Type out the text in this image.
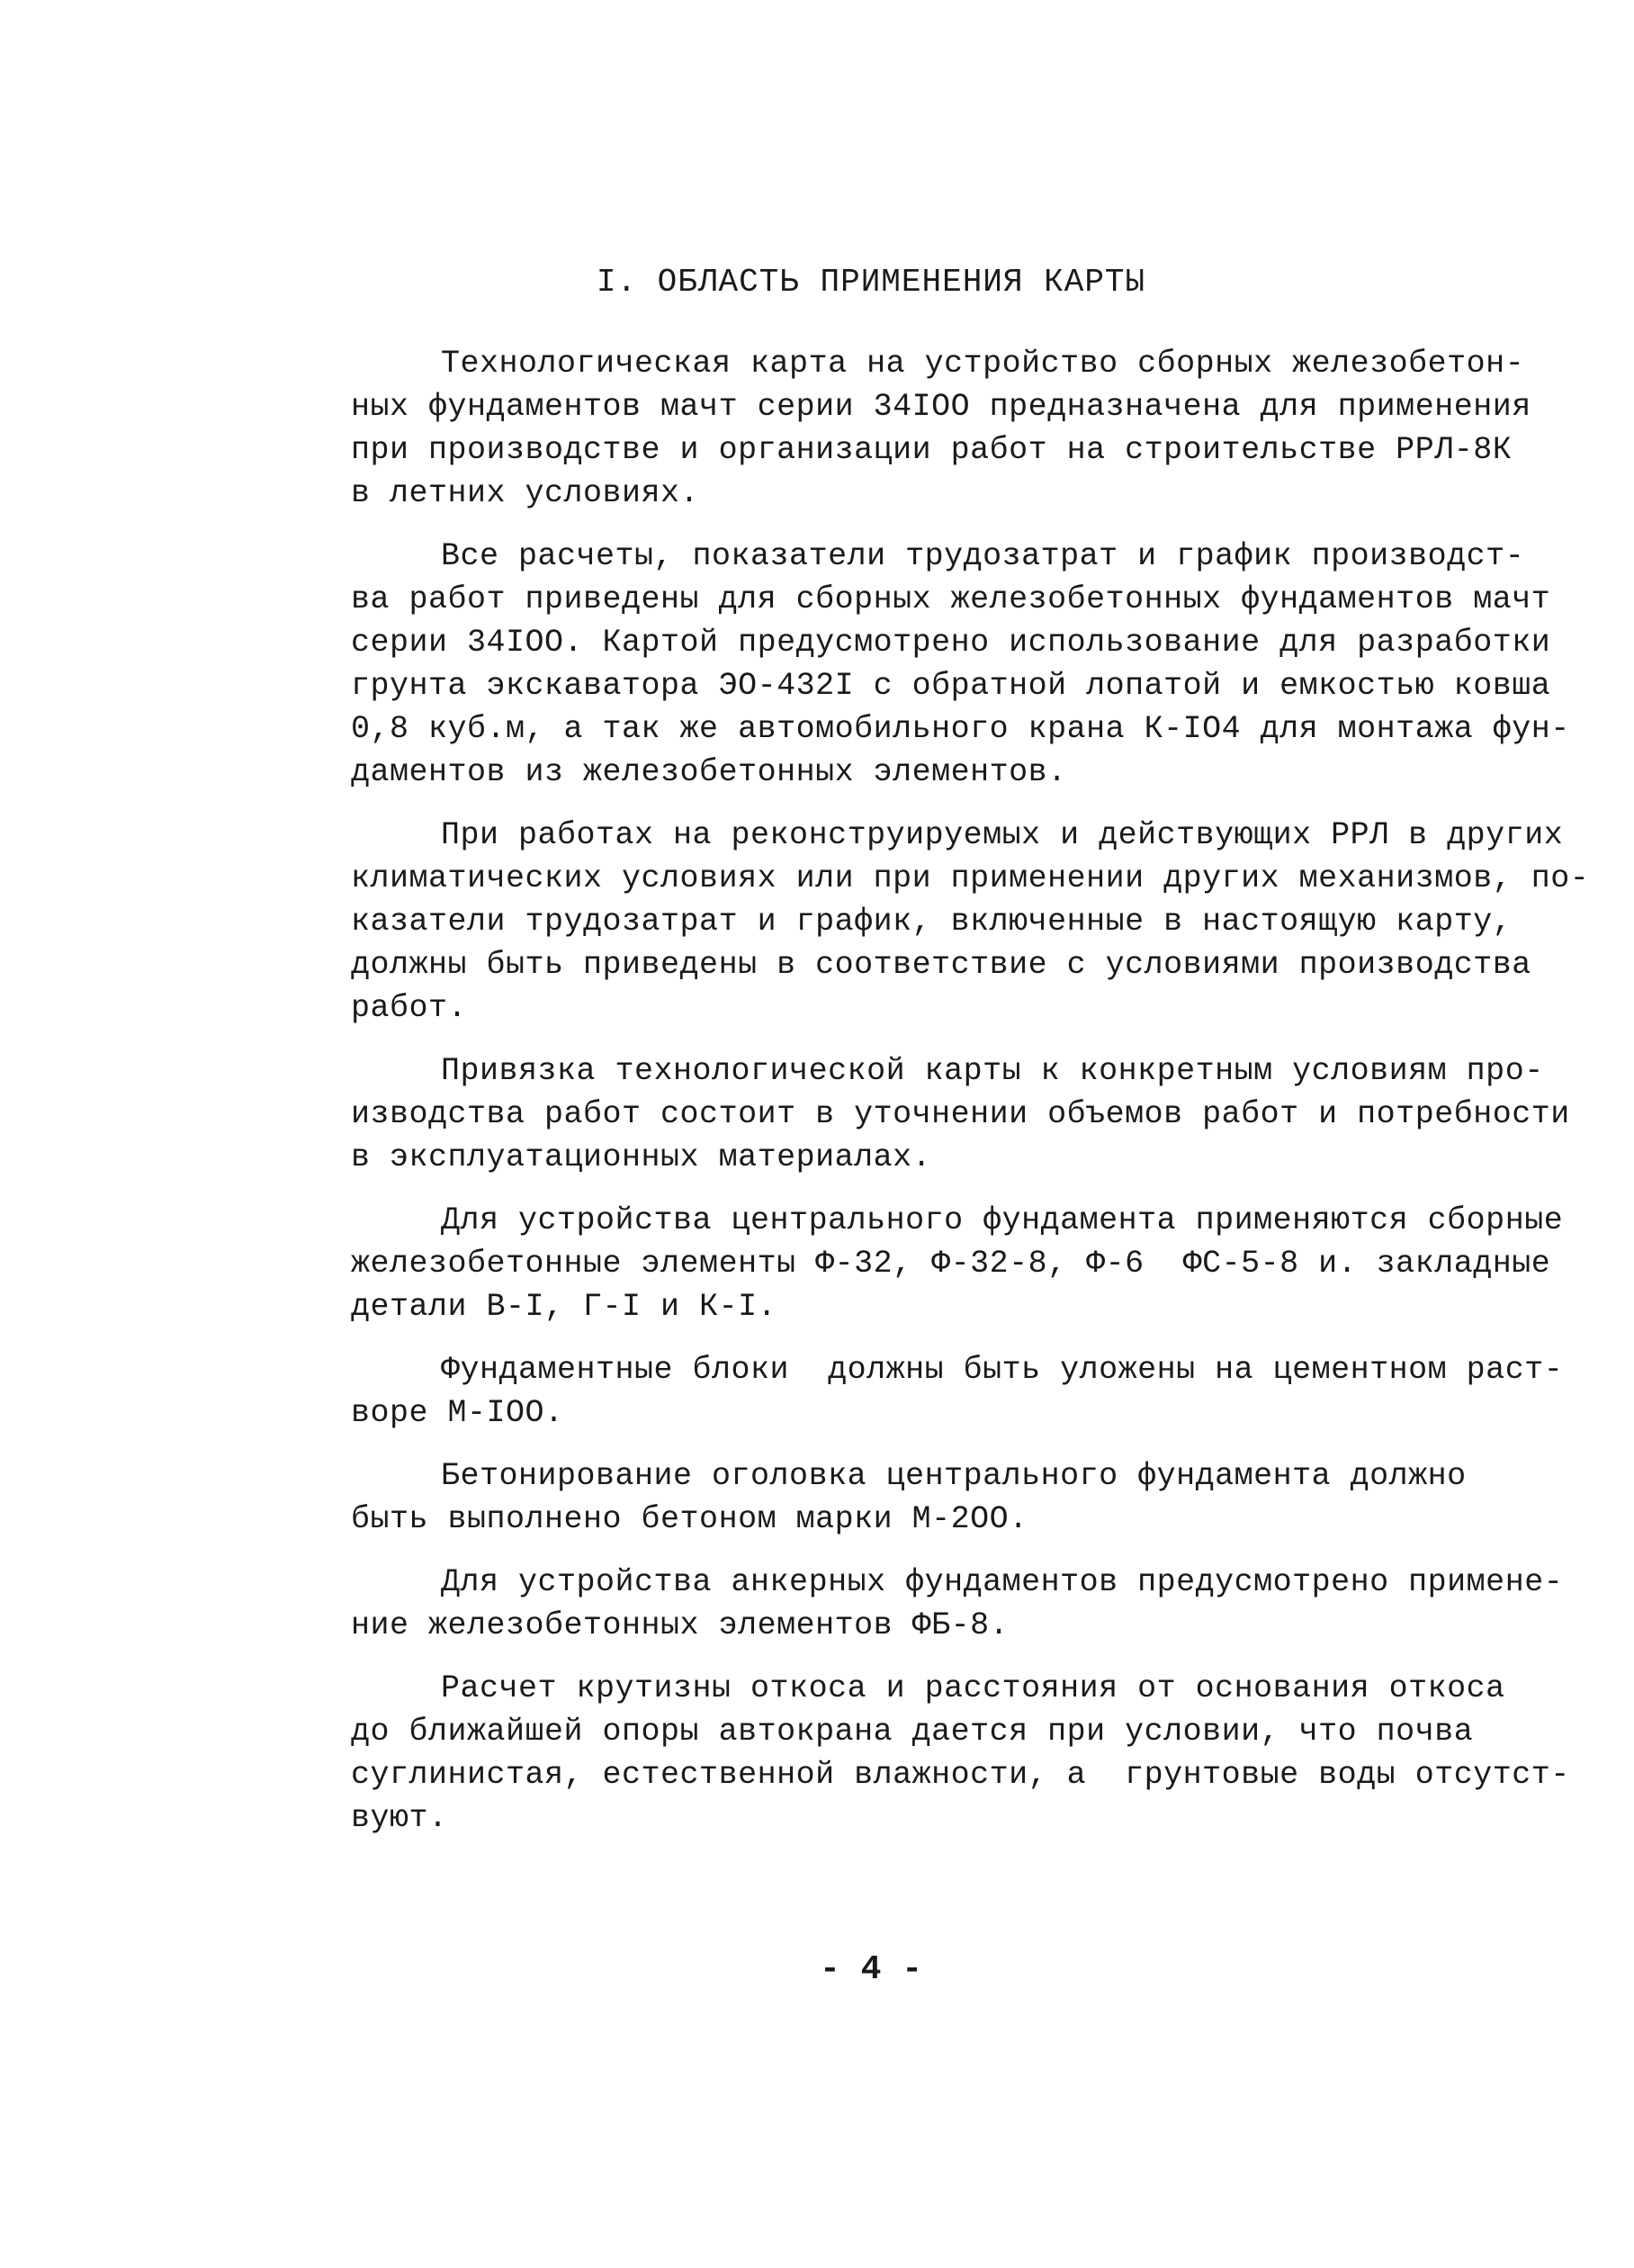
I. ОБЛАСТЬ ПРИМЕНЕНИЯ КАРТЫ

Технологическая карта на устройство сборных железобетон-
ных фундаментов мачт серии 34IOO предназначена для применения
при производстве и организации работ на строительстве РРЛ-8К
в летних условиях.

Все расчеты, показатели трудозатрат и график производст-
ва работ приведены для сборных железобетонных фундаментов мачт
серии 34IOO. Картой предусмотрено использование для разработки
грунта экскаватора ЭО-432I с обратной лопатой и емкостью ковша
0,8 куб.м, а так же автомобильного крана К-IO4 для монтажа фун-
даментов из железобетонных элементов.

При работах на реконструируемых и действующих РРЛ в других
климатических условиях или при применении других механизмов, по-
казатели трудозатрат и график, включенные в настоящую карту,
должны быть приведены в соответствие с условиями производства
работ.

Привязка технологической карты к конкретным условиям про-
изводства работ состоит в уточнении объемов работ и потребности
в эксплуатационных материалах.

Для устройства центрального фундамента применяются сборные
железобетонные элементы Ф-32, Ф-32-8, Ф-6  ФС-5-8 и. закладные
детали В-I, Г-I и К-I.

Фундаментные блоки  должны быть уложены на цементном раст-
воре М-IOO.

Бетонирование оголовка центрального фундамента должно
быть выполнено бетоном марки М-2OO.

Для устройства анкерных фундаментов предусмотрено примене-
ние железобетонных элементов ФБ-8.

Расчет крутизны откоса и расстояния от основания откоса
до ближайшей опоры автокрана дается при условии, что почва
суглинистая, естественной влажности, а  грунтовые воды отсутст-
вуют.

- 4 -
